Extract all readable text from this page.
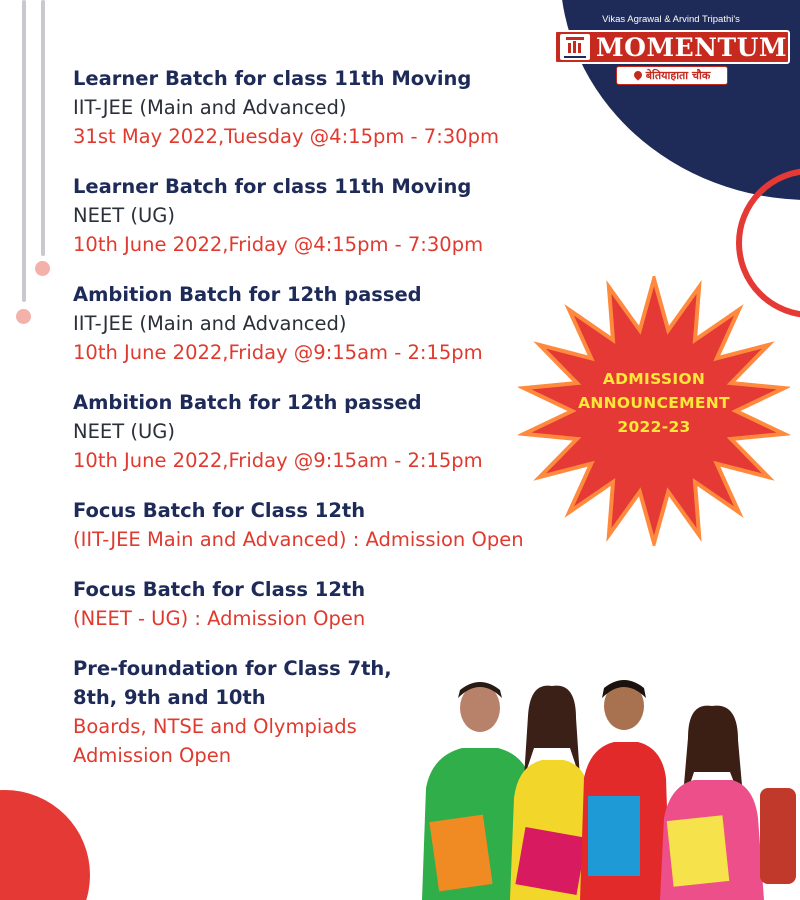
Vikas Agrawal & Arvind Tripathi's
MOMENTUM
बेतियाहाता चौक
Learner Batch for class 11th Moving
IIT-JEE (Main and Advanced)
31st May 2022,Tuesday @4:15pm - 7:30pm
Learner Batch for class 11th Moving
NEET (UG)
10th June 2022,Friday @4:15pm - 7:30pm
Ambition Batch for 12th passed
IIT-JEE (Main and Advanced)
10th June 2022,Friday @9:15am - 2:15pm
Ambition Batch for 12th passed
NEET (UG)
10th June 2022,Friday @9:15am - 2:15pm
Focus Batch for Class 12th
(IIT-JEE Main and Advanced) : Admission Open
Focus Batch for Class 12th
(NEET - UG) : Admission Open
Pre-foundation for Class 7th,
8th, 9th and 10th
Boards, NTSE and Olympiads
Admission Open
ADMISSION
ANNOUNCEMENT
2022-23
